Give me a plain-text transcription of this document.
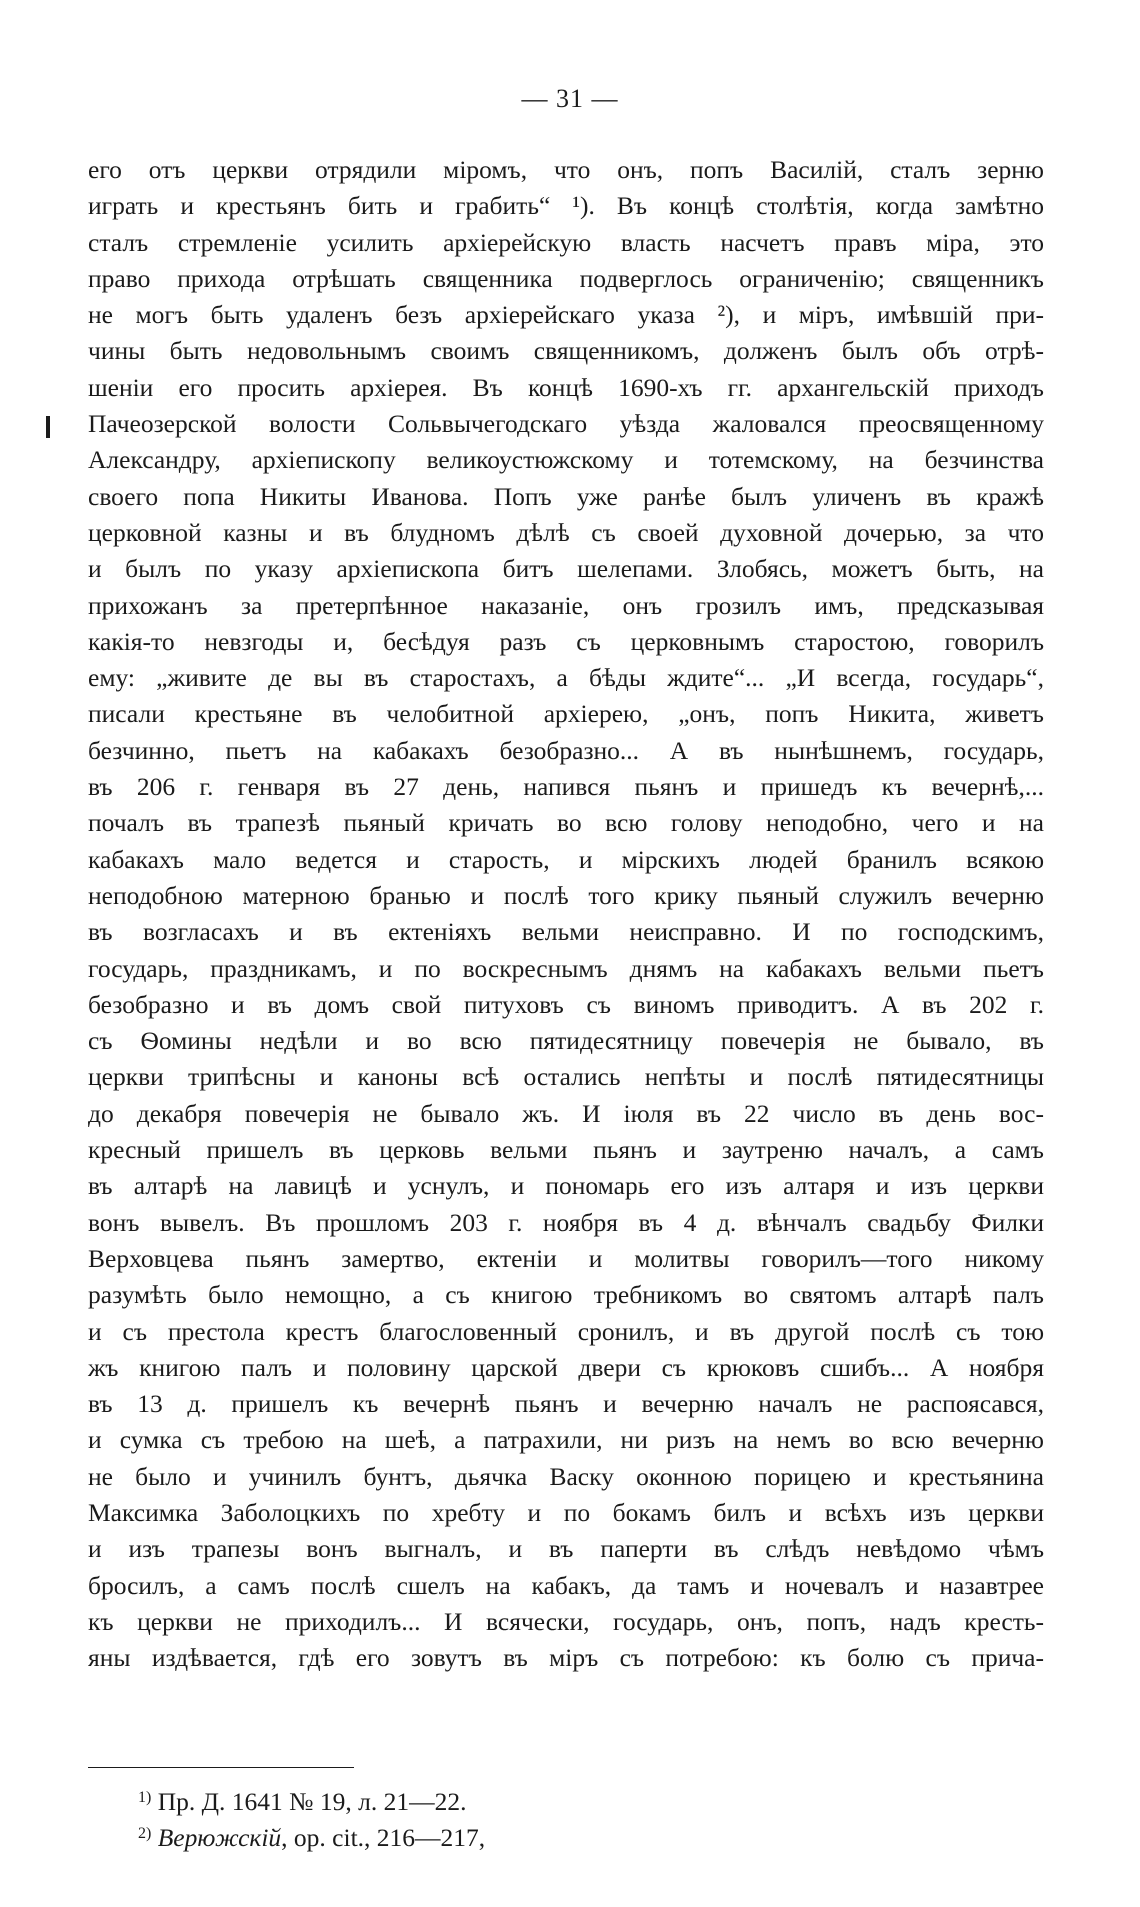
— 31 —
его отъ церкви отрядили міромъ, что онъ, попъ Василій, сталъ зерню
играть и крестьянъ бить и грабить“ ¹). Въ концѣ столѣтія, когда замѣтно
сталъ стремленіе усилить архіерейскую власть насчетъ правъ міра, это
право прихода отрѣшать священника подверглось ограниченію; священникъ
не могъ быть удаленъ безъ архіерейскаго указа ²), и міръ, имѣвшій при-
чины быть недовольнымъ своимъ священникомъ, долженъ былъ объ отрѣ-
шеніи его просить архіерея. Въ концѣ 1690-хъ гг. архангельскій приходъ
Пачеозерской волости Сольвычегодскаго уѣзда жаловался преосвященному
Александру, архіепископу великоустюжскому и тотемскому, на безчинства
своего попа Никиты Иванова. Попъ уже ранѣе былъ уличенъ въ кражѣ
церковной казны и въ блудномъ дѣлѣ съ своей духовной дочерью, за что
и былъ по указу архіепископа битъ шелепами. Злобясь, можетъ быть, на
прихожанъ за претерпѣнное наказаніе, онъ грозилъ имъ, предсказывая
какія-то невзгоды и, бесѣдуя разъ съ церковнымъ старостою, говорилъ
ему: „живите де вы въ старостахъ, а бѣды ждите“... „И всегда, государь“,
писали крестьяне въ челобитной архіерею, „онъ, попъ Никита, живетъ
безчинно, пьетъ на кабакахъ безобразно... А въ нынѣшнемъ, государь,
въ 206 г. генваря въ 27 день, напився пьянъ и пришедъ къ вечернѣ,...
почалъ въ трапезѣ пьяный кричать во всю голову неподобно, чего и на
кабакахъ мало ведется и старость, и мірскихъ людей бранилъ всякою
неподобною матерною бранью и послѣ того крику пьяный служилъ вечерню
въ возгласахъ и въ ектеніяхъ вельми неисправно. И по господскимъ,
государь, праздникамъ, и по воскреснымъ днямъ на кабакахъ вельми пьетъ
безобразно и въ домъ свой питуховъ съ виномъ приводитъ. А въ 202 г.
съ Ѳомины недѣли и во всю пятидесятницу повечерія не бывало, въ
церкви трипѣсны и каноны всѣ остались непѣты и послѣ пятидесятницы
до декабря повечерія не бывало жъ. И іюля въ 22 число въ день вос-
кресный пришелъ въ церковь вельми пьянъ и заутреню началъ, а самъ
въ алтарѣ на лавицѣ и уснулъ, и пономарь его изъ алтаря и изъ церкви
вонъ вывелъ. Въ прошломъ 203 г. ноября въ 4 д. вѣнчалъ свадьбу Филки
Верховцева пьянъ замертво, ектеніи и молитвы говорилъ—того никому
разумѣть было немощно, а съ книгою требникомъ во святомъ алтарѣ палъ
и съ престола крестъ благословенный сронилъ, и въ другой послѣ съ тою
жъ книгою палъ и половину царской двери съ крюковъ сшибъ... А ноября
въ 13 д. пришелъ къ вечернѣ пьянъ и вечерню началъ не распоясався,
и сумка съ требою на шеѣ, а патрахили, ни ризъ на немъ во всю вечерню
не было и учинилъ бунтъ, дьячка Васку оконною порицею и крестьянина
Максимка Заболоцкихъ по хребту и по бокамъ билъ и всѣхъ изъ церкви
и изъ трапезы вонъ выгналъ, и въ паперти въ слѣдъ невѣдомо чѣмъ
бросилъ, а самъ послѣ сшелъ на кабакъ, да тамъ и ночевалъ и назавтрее
къ церкви не приходилъ... И всячески, государь, онъ, попъ, надъ кресть-
яны издѣвается, гдѣ его зовутъ въ міръ съ потребою: къ болю съ прича-
$^{1)}$ Пр. Д. 1641 № 19, л. 21—22.
$^{2)}$ Верюжскій, op. cit., 216—217,
